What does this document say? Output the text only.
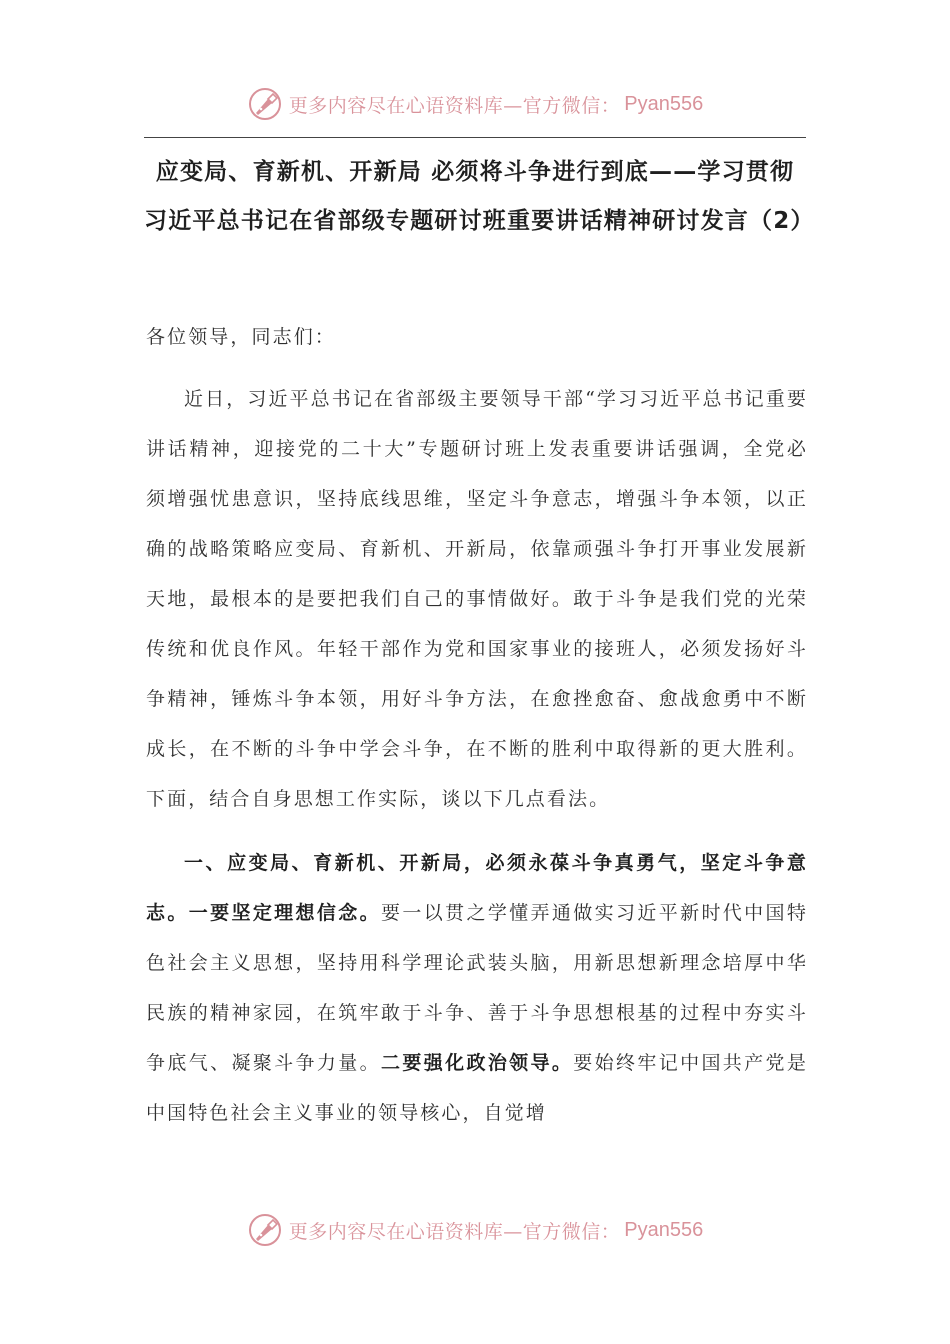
更多内容尽在心语资料库—官方微信： Pyan556
应变局、育新机、开新局 必须将斗争进行到底——学习贯彻习近平总书记在省部级专题研讨班重要讲话精神研讨发言（2）

各位领导，同志们：

近日，习近平总书记在省部级主要领导干部“学习习近平总书记重要讲话精神，迎接党的二十大”专题研讨班上发表重要讲话强调，全党必须增强忧患意识，坚持底线思维，坚定斗争意志，增强斗争本领，以正确的战略策略应变局、育新机、开新局，依靠顽强斗争打开事业发展新天地，最根本的是要把我们自己的事情做好。敢于斗争是我们党的光荣传统和优良作风。年轻干部作为党和国家事业的接班人，必须发扬好斗争精神，锤炼斗争本领，用好斗争方法，在愈挫愈奋、愈战愈勇中不断成长，在不断的斗争中学会斗争，在不断的胜利中取得新的更大胜利。下面，结合自身思想工作实际，谈以下几点看法。

一、应变局、育新机、开新局，必须永葆斗争真勇气，坚定斗争意志。一要坚定理想信念。要一以贯之学懂弄通做实习近平新时代中国特色社会主义思想，坚持用科学理论武装头脑，用新思想新理念培厚中华民族的精神家园，在筑牢敢于斗争、善于斗争思想根基的过程中夯实斗争底气、凝聚斗争力量。二要强化政治领导。要始终牢记中国共产党是中国特色社会主义事业的领导核心，自觉增

更多内容尽在心语资料库—官方微信： Pyan556
